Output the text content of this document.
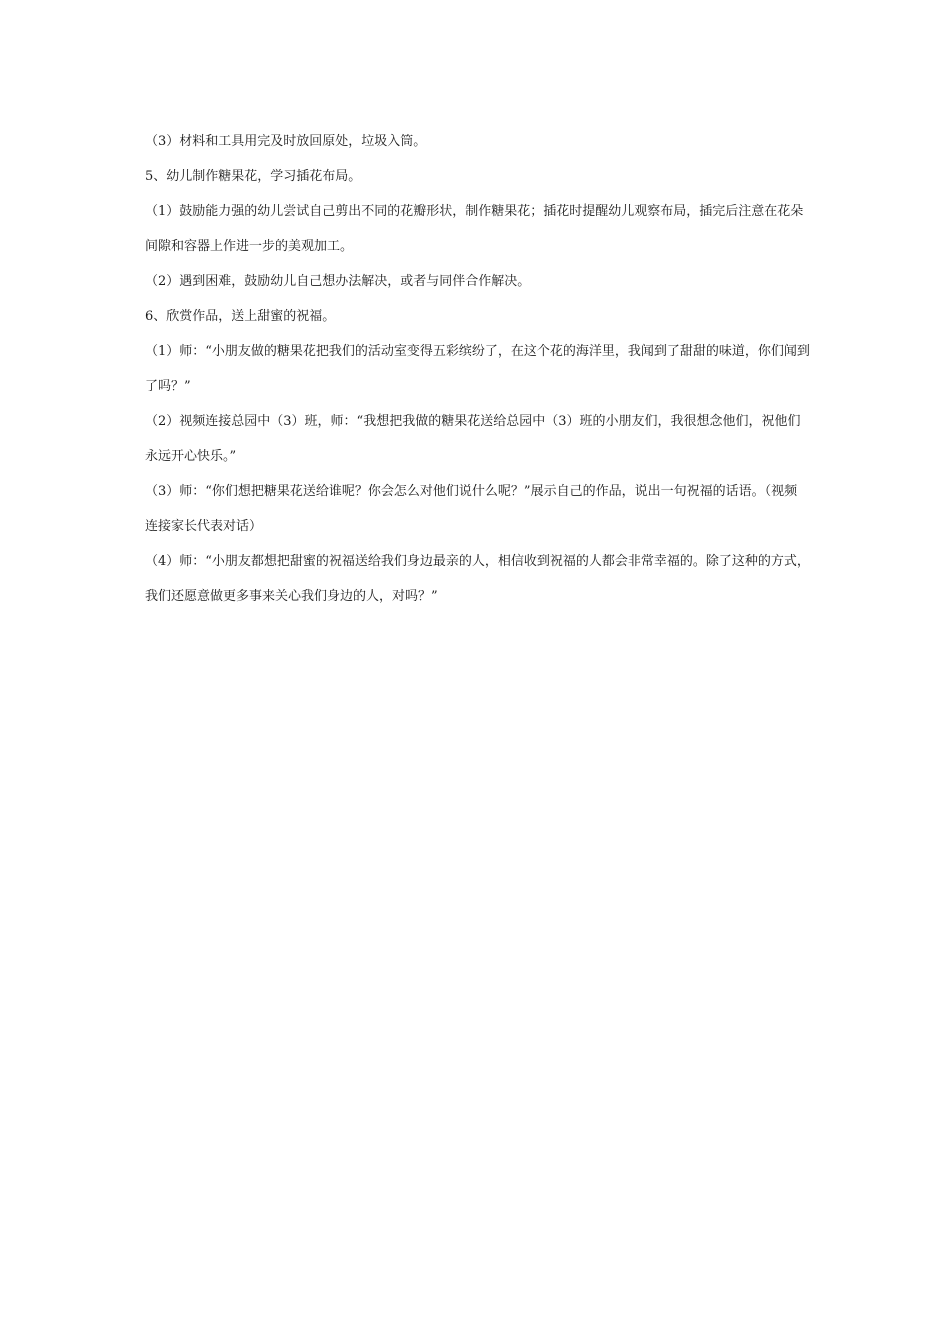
（3）材料和工具用完及时放回原处，垃圾入筒。

5、幼儿制作糖果花，学习插花布局。

（1）鼓励能力强的幼儿尝试自己剪出不同的花瓣形状，制作糖果花；插花时提醒幼儿观察布局，插完后注意在花朵间隙和容器上作进一步的美观加工。

（2）遇到困难，鼓励幼儿自己想办法解决，或者与同伴合作解决。

6、欣赏作品，送上甜蜜的祝福。

（1）师：“小朋友做的糖果花把我们的活动室变得五彩缤纷了，在这个花的海洋里，我闻到了甜甜的味道，你们闻到了吗？”

（2）视频连接总园中（3）班，师：“我想把我做的糖果花送给总园中（3）班的小朋友们，我很想念他们，祝他们永远开心快乐。”

（3）师：“你们想把糖果花送给谁呢？你会怎么对他们说什么呢？”展示自己的作品，说出一句祝福的话语。（视频连接家长代表对话）

（4）师：“小朋友都想把甜蜜的祝福送给我们身边最亲的人，相信收到祝福的人都会非常幸福的。除了这种的方式，我们还愿意做更多事来关心我们身边的人，对吗？”
